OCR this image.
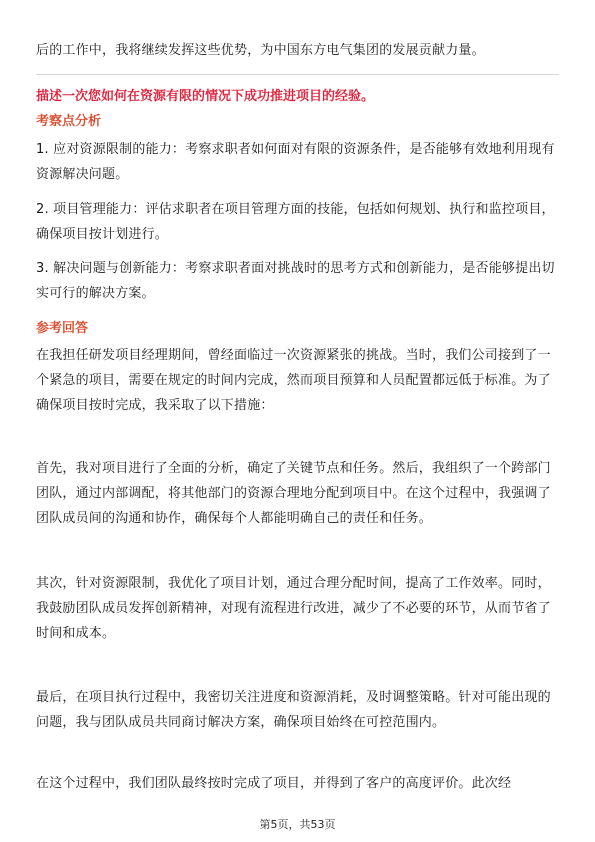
后的工作中，我将继续发挥这些优势，为中国东方电气集团的发展贡献力量。

描述一次您如何在资源有限的情况下成功推进项目的经验。

考察点分析

1. 应对资源限制的能力：考察求职者如何面对有限的资源条件，是否能够有效地利用现有资源解决问题。

2. 项目管理能力：评估求职者在项目管理方面的技能，包括如何规划、执行和监控项目，确保项目按计划进行。

3. 解决问题与创新能力：考察求职者面对挑战时的思考方式和创新能力，是否能够提出切实可行的解决方案。

参考回答

在我担任研发项目经理期间，曾经面临过一次资源紧张的挑战。当时，我们公司接到了一个紧急的项目，需要在规定的时间内完成，然而项目预算和人员配置都远低于标准。为了确保项目按时完成，我采取了以下措施：

首先，我对项目进行了全面的分析，确定了关键节点和任务。然后，我组织了一个跨部门团队，通过内部调配，将其他部门的资源合理地分配到项目中。在这个过程中，我强调了团队成员间的沟通和协作，确保每个人都能明确自己的责任和任务。

其次，针对资源限制，我优化了项目计划，通过合理分配时间，提高了工作效率。同时，我鼓励团队成员发挥创新精神，对现有流程进行改进，减少了不必要的环节，从而节省了时间和成本。

最后，在项目执行过程中，我密切关注进度和资源消耗，及时调整策略。针对可能出现的问题，我与团队成员共同商讨解决方案，确保项目始终在可控范围内。

在这个过程中，我们团队最终按时完成了项目，并得到了客户的高度评价。此次经

第5页，共53页
